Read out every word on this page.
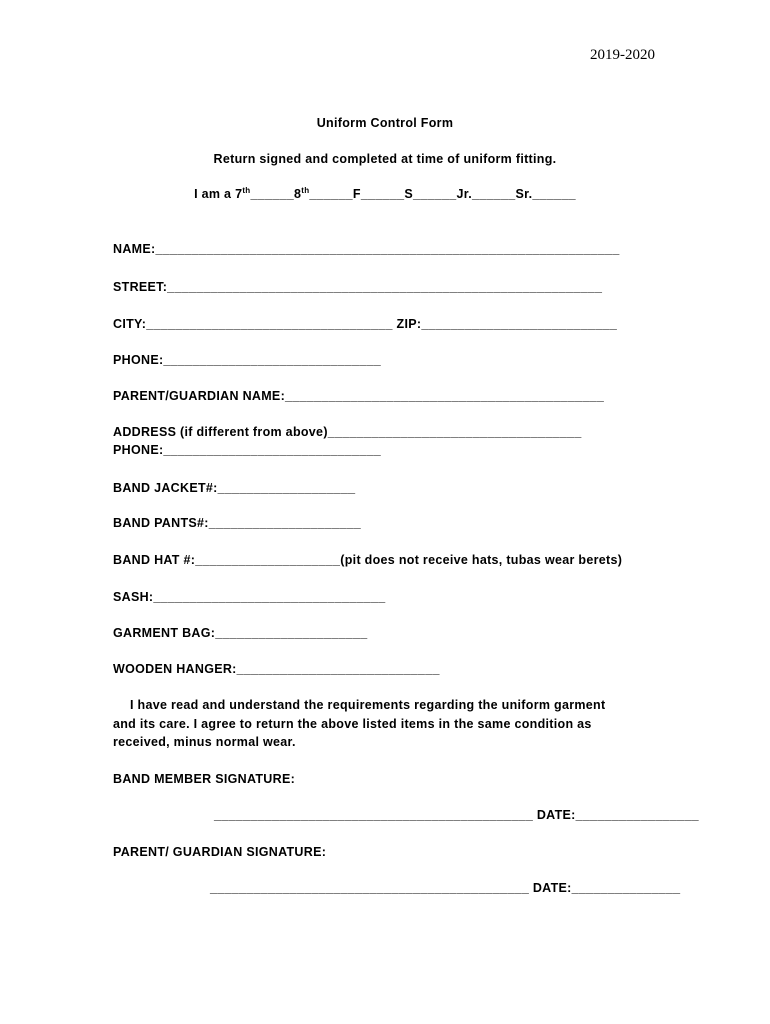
2019-2020
Uniform Control Form
Return signed and completed at time of uniform fitting.
I am a 7th______8th______F______S______Jr.______Sr.______
NAME:________________________________________________________________
STREET:____________________________________________________________
CITY:__________________________________ ZIP:___________________________
PHONE:______________________________
PARENT/GUARDIAN NAME:____________________________________________
ADDRESS (if different from above)___________________________________
PHONE:______________________________
BAND JACKET#:___________________
BAND PANTS#:_____________________
BAND HAT #:____________________(pit does not receive hats, tubas wear berets)
SASH:________________________________
GARMENT BAG:_____________________
WOODEN HANGER:____________________________
I have read and understand the requirements regarding the uniform garment
and its care. I agree to return the above listed items in the same condition as
received, minus normal wear.
BAND MEMBER SIGNATURE:
____________________________________________ DATE:_________________
PARENT/ GUARDIAN SIGNATURE:
____________________________________________ DATE:_______________
